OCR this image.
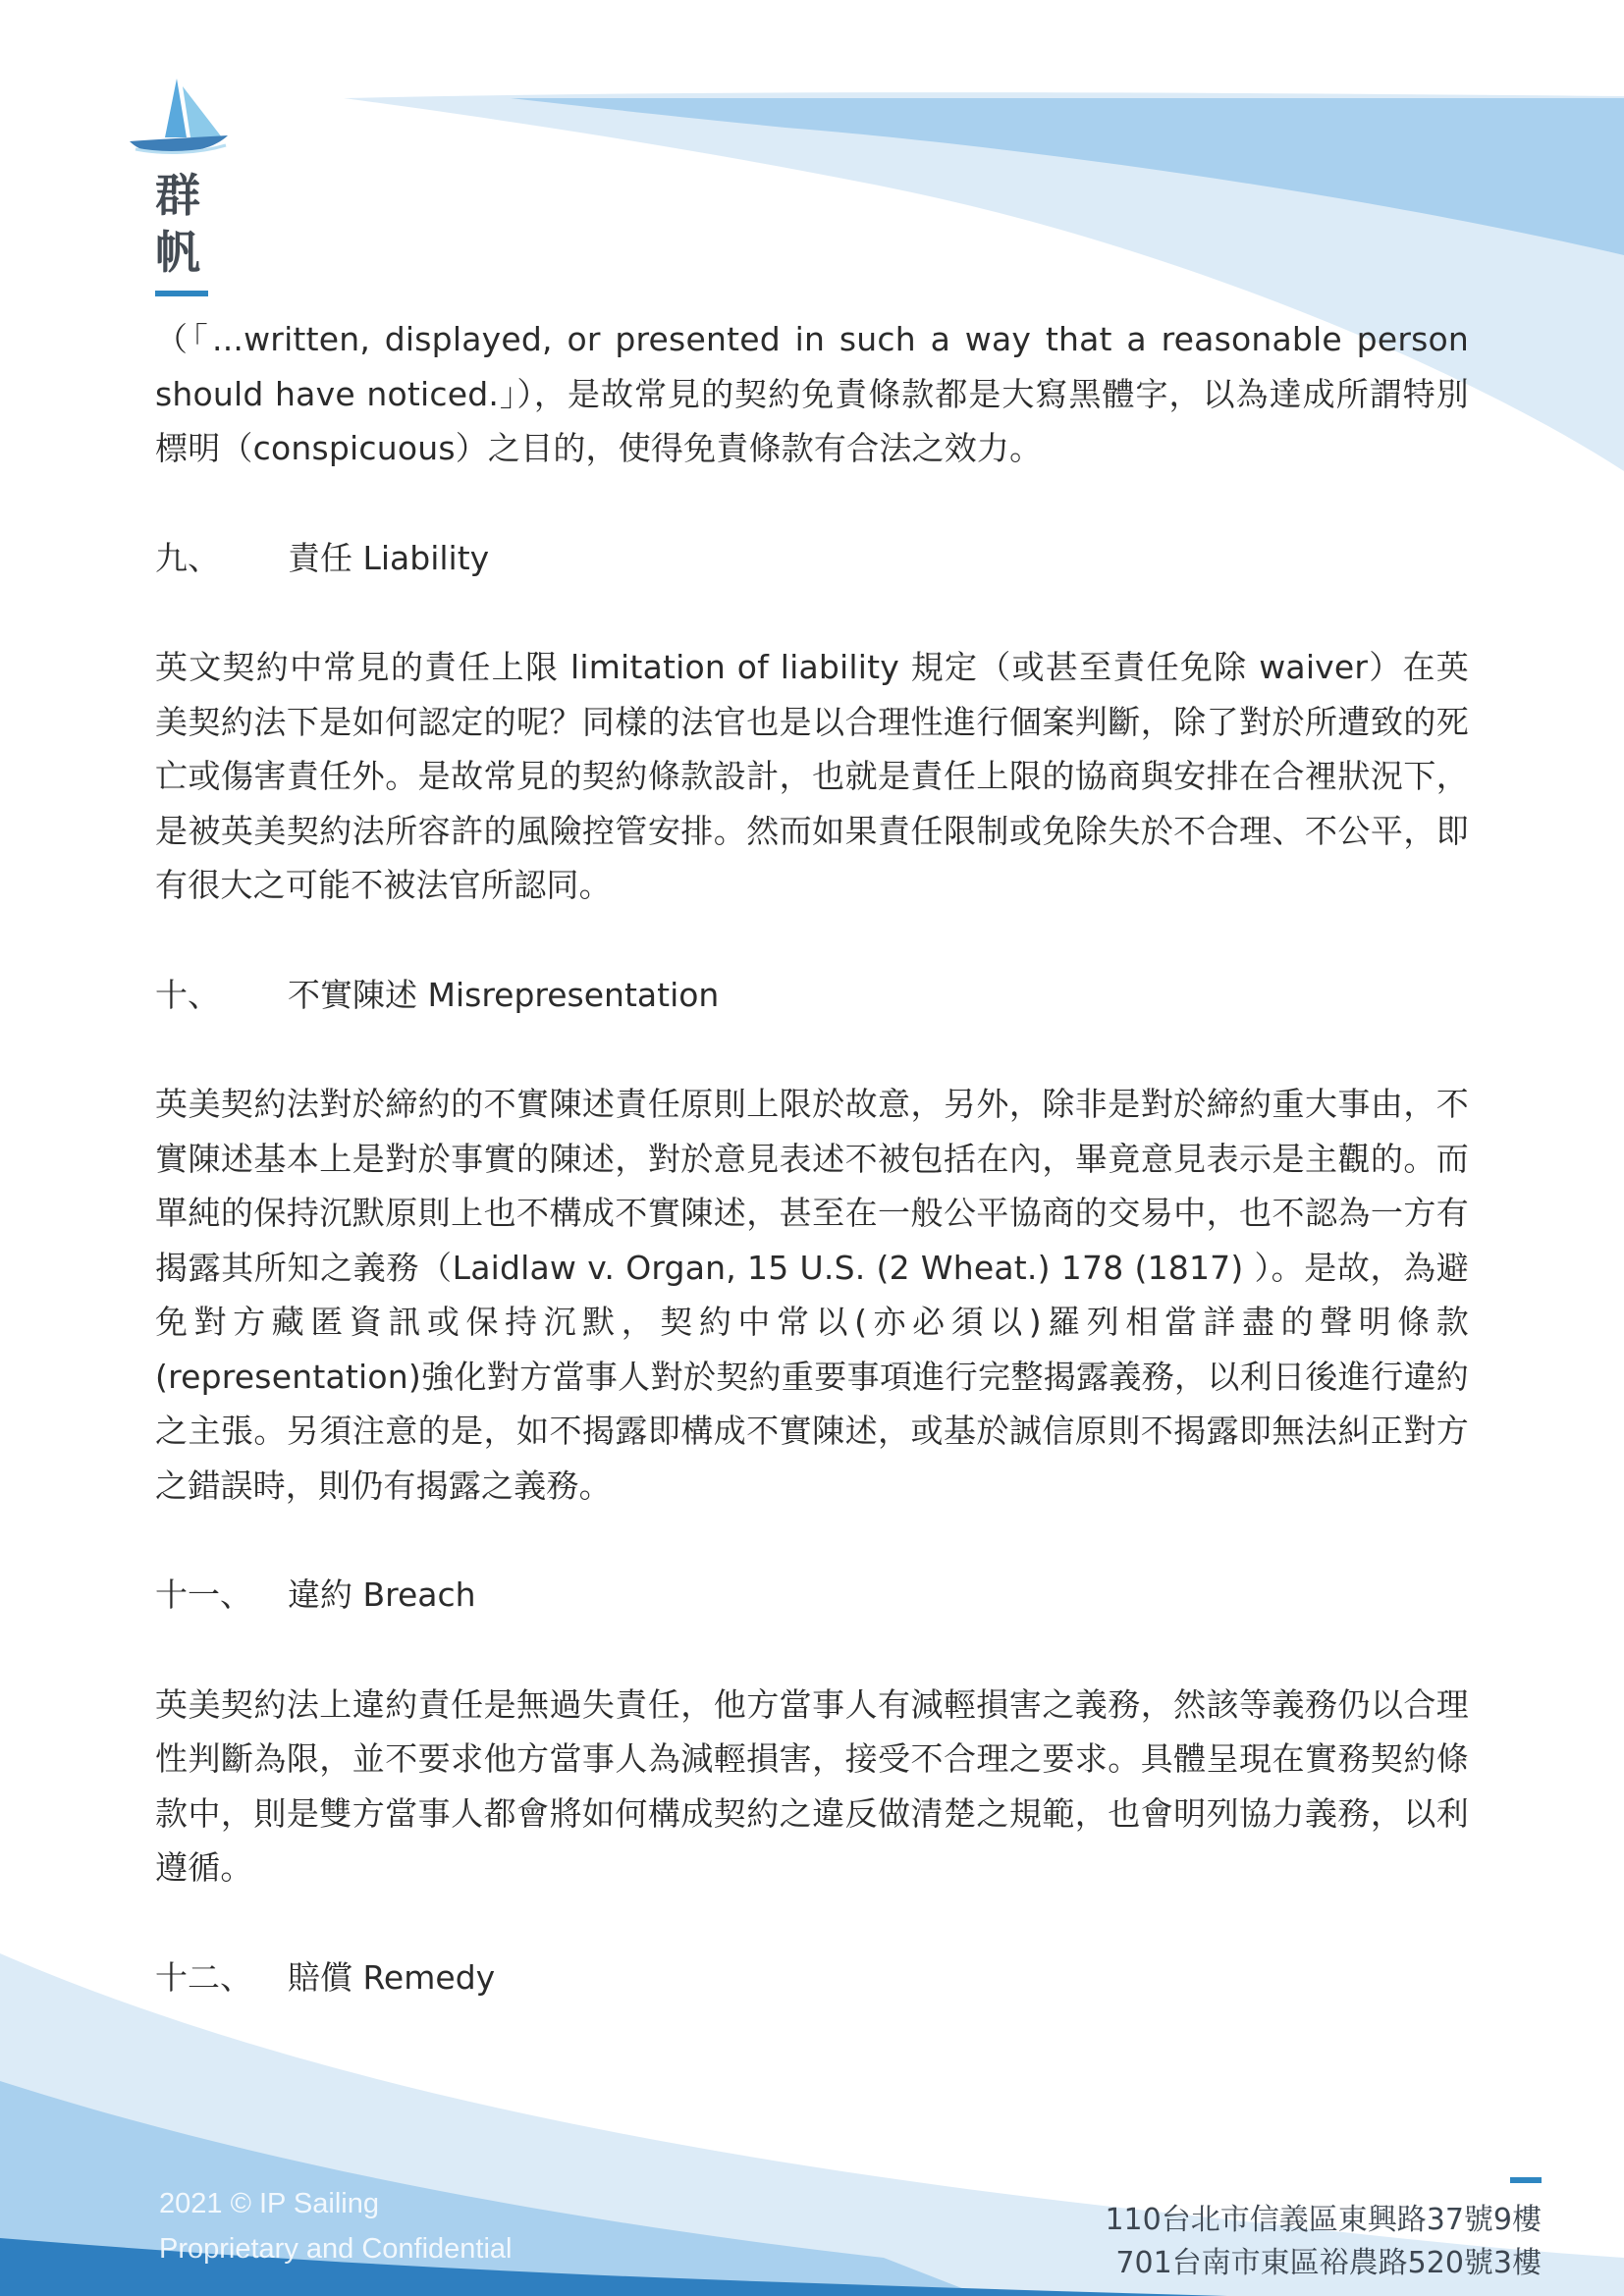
群
帆

（「...written, displayed, or presented in such a way that a reasonable person should have noticed.」），是故常見的契約免責條款都是大寫黑體字，以為達成所謂特別標明（conspicuous）之目的，使得免責條款有合法之效力。

九、	責任 Liability

英文契約中常見的責任上限 limitation of liability 規定（或甚至責任免除 waiver）在英美契約法下是如何認定的呢？同樣的法官也是以合理性進行個案判斷，除了對於所遭致的死亡或傷害責任外。是故常見的契約條款設計，也就是責任上限的協商與安排在合裡狀況下，是被英美契約法所容許的風險控管安排。然而如果責任限制或免除失於不合理、不公平，即有很大之可能不被法官所認同。

十、	不實陳述 Misrepresentation

英美契約法對於締約的不實陳述責任原則上限於故意，另外，除非是對於締約重大事由，不實陳述基本上是對於事實的陳述，對於意見表述不被包括在內，畢竟意見表示是主觀的。而單純的保持沉默原則上也不構成不實陳述，甚至在一般公平協商的交易中，也不認為一方有揭露其所知之義務（Laidlaw v. Organ, 15 U.S. (2 Wheat.) 178 (1817) ）。是故，為避免對方藏匿資訊或保持沉默，契約中常以(亦必須以)羅列相當詳盡的聲明條款(representation)強化對方當事人對於契約重要事項進行完整揭露義務，以利日後進行違約之主張。另須注意的是，如不揭露即構成不實陳述，或基於誠信原則不揭露即無法糾正對方之錯誤時，則仍有揭露之義務。

十一、	違約 Breach

英美契約法上違約責任是無過失責任，他方當事人有減輕損害之義務，然該等義務仍以合理性判斷為限，並不要求他方當事人為減輕損害，接受不合理之要求。具體呈現在實務契約條款中，則是雙方當事人都會將如何構成契約之違反做清楚之規範，也會明列協力義務，以利遵循。

十二、	賠償 Remedy
2021 © IP Sailing
Proprietary and Confidential
110台北市信義區東興路37號9樓
701台南市東區裕農路520號3樓
